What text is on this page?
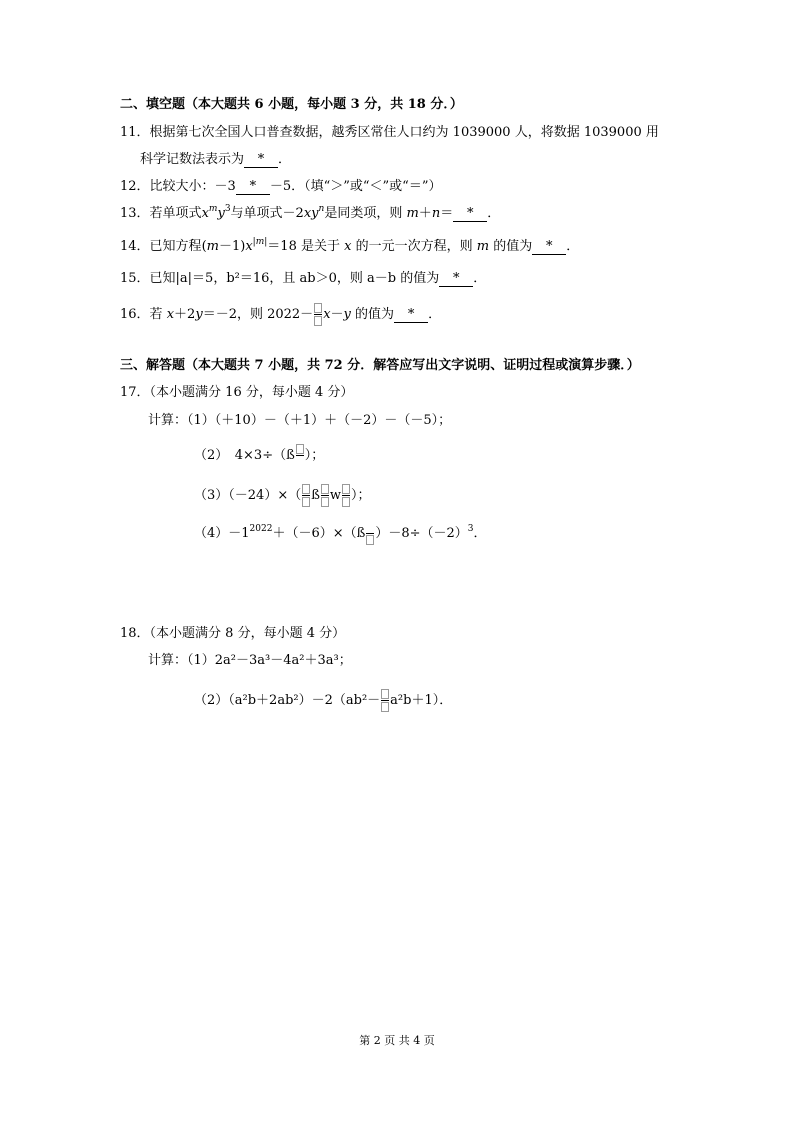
二、填空题（本大题共 6 小题，每小题 3 分，共 18 分．）
11．根据第七次全国人口普查数据，越秀区常住人口约为 1039000 人，将数据 1039000 用
科学记数法表示为 * ．
12．比较大小：－3 * －5．（填“＞”或“＜”或“＝”）
13．若单项式$x^my^3$与单项式$-2xy^n$是同类项，则 m＋n＝ * ．
14．已知方程$(m-1)x^{|m|}=18$ 是关于 x 的一元一次方程，则 m 的值为 * ．
15．已知|a|＝5，b²＝16，且 ab＞0，则 a－b 的值为 * ．
16．若 x＋2y＝－2，则 2022－ x－y 的值为 * ．
三、解答题（本大题共 7 小题，共 72 分．解答应写出文字说明、证明过程或演算步骤．）
17．（本小题满分 16 分，每小题 4 分）
计算：（1）（＋10）－（＋1）＋（－2）－（－5）；
（2）　4×3÷（ß ）；
（3）（－24）×（ ß w ）；
$(4)-1^{2022}+(-6)\times(ß$ ）$-8\div(-2)^3$．
18．（本小题满分 8 分，每小题 4 分）
计算：（1）2a²－3a³－4a²＋3a³；
（2）（a²b＋2ab²）－2（ab²－ a²b＋1）．
第 2 页 共 4 页
